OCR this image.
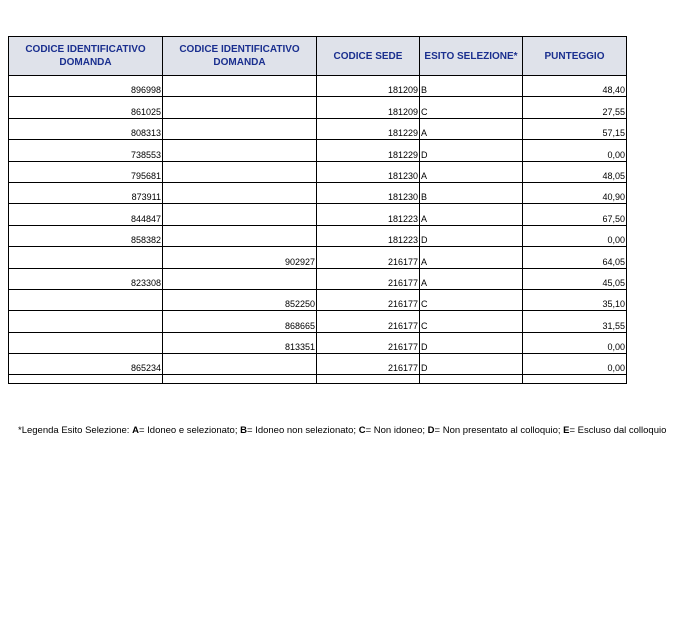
CODICE IDENTIFICATIVO DOMANDA	CODICE IDENTIFICATIVO DOMANDA	CODICE SEDE	ESITO SELEZIONE*	PUNTEGGIO
896998		181209	B	48,40
861025		181209	C	27,55
808313		181229	A	57,15
738553		181229	D	0,00
795681		181230	A	48,05
873911		181230	B	40,90
844847		181223	A	67,50
858382		181223	D	0,00
	902927	216177	A	64,05
823308		216177	A	45,05
	852250	216177	C	35,10
	868665	216177	C	31,55
	813351	216177	D	0,00
865234		216177	D	0,00

*Legenda Esito Selezione: A= Idoneo e selezionato; B= Idoneo non selezionato; C= Non idoneo; D= Non presentato al colloquio; E= Escluso dal colloquio
